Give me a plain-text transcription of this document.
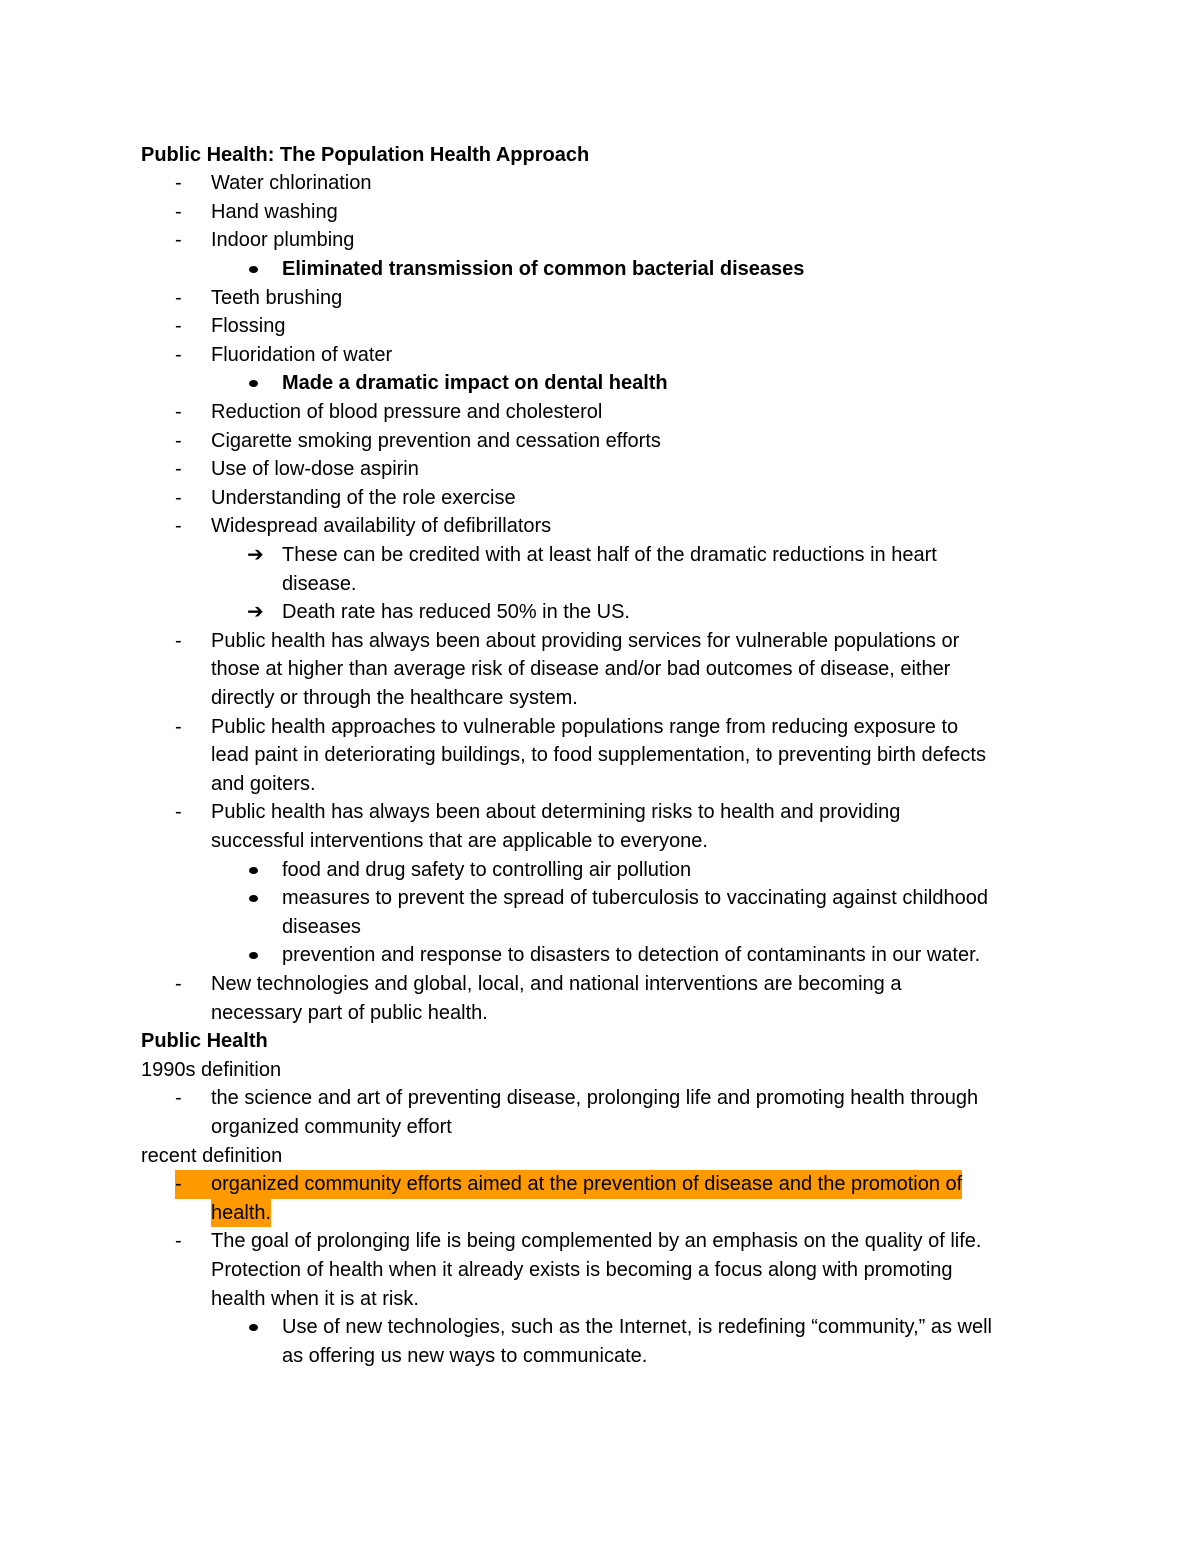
Public Health: The Population Health Approach
- Water chlorination
- Hand washing
- Indoor plumbing
Eliminated transmission of common bacterial diseases
- Teeth brushing
- Flossing
- Fluoridation of water
Made a dramatic impact on dental health
- Reduction of blood pressure and cholesterol
- Cigarette smoking prevention and cessation efforts
- Use of low-dose aspirin
- Understanding of the role exercise
- Widespread availability of defibrillators
➔ These can be credited with at least half of the dramatic reductions in heart
disease.
➔ Death rate has reduced 50% in the US.
- Public health has always been about providing services for vulnerable populations or
those at higher than average risk of disease and/or bad outcomes of disease, either
directly or through the healthcare system.
- Public health approaches to vulnerable populations range from reducing exposure to
lead paint in deteriorating buildings, to food supplementation, to preventing birth defects
and goiters.
- Public health has always been about determining risks to health and providing
successful interventions that are applicable to everyone.
food and drug safety to controlling air pollution
measures to prevent the spread of tuberculosis to vaccinating against childhood
diseases
prevention and response to disasters to detection of contaminants in our water.
- New technologies and global, local, and national interventions are becoming a
necessary part of public health.
Public Health
1990s definition
- the science and art of preventing disease, prolonging life and promoting health through
organized community effort
recent definition
-	organized community efforts aimed at the prevention of disease and the promotion of
health.
- The goal of prolonging life is being complemented by an emphasis on the quality of life.
Protection of health when it already exists is becoming a focus along with promoting
health when it is at risk.
Use of new technologies, such as the Internet, is redefining “community,” as well
as offering us new ways to communicate.
